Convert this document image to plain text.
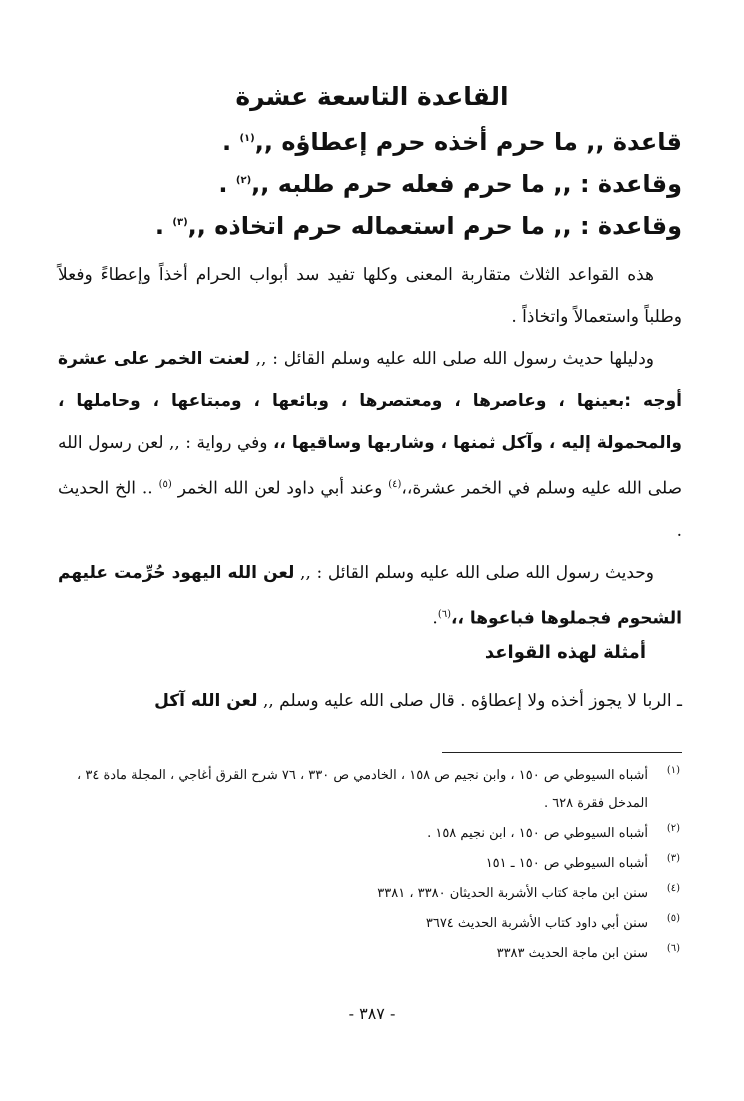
القاعدة التاسعة عشرة
قاعدة ,, ما حرم أخذه حرم إعطاؤه ,,$^{(١)}$ .
وقاعدة : ,, ما حرم فعله حرم طلبه ,,$^{(٢)}$ .
وقاعدة : ,, ما حرم استعماله حرم اتخاذه ,,$^{(٣)}$ .
هذه القواعد الثلاث متقاربة المعنى وكلها تفيد سد أبواب الحرام أخذاً وإعطاءً وفعلاً وطلباً واستعمالاً واتخاذاً .
ودليلها حديث رسول الله صلى الله عليه وسلم القائل : ,, لعنت الخمر على عشرة أوجه :بعينها ، وعاصرها ، ومعتصرها ، وبائعها ، ومبتاعها ، وحاملها ، والمحمولة إليه ، وآكل ثمنها ، وشاربها وساقيها ،، وفي رواية : ,, لعن رسول الله صلى الله عليه وسلم في الخمر عشرة،،$^{(٤)}$ وعند أبي داود لعن الله الخمر $^{(٥)}$ .. الخ الحديث .
وحديث رسول الله صلى الله عليه وسلم القائل : ,, لعن الله اليهود حُرِّمت عليهم الشحوم فجملوها فباعوها ،،$^{(٦)}$.
أمثلة لهذه القواعد
ـ الربا لا يجوز أخذه ولا إعطاؤه . قال صلى الله عليه وسلم ,, لعن الله آكل
(١)
أشباه السيوطي ص ١٥٠ ، وابن نجيم ص ١٥٨ ، الخادمي ص ٣٣٠ ، ٧٦ شرح القرق أغاجي ، المجلة مادة ٣٤ ، المدخل فقرة ٦٢٨ .
(٢)
أشباه السيوطي ص ١٥٠ ، ابن نجيم ١٥٨ .
(٣)
أشباه السيوطي ص ١٥٠ ـ ١٥١
(٤)
سنن ابن ماجة كتاب الأشربة الحديثان ٣٣٨٠ ، ٣٣٨١
(٥)
سنن أبي داود كتاب الأشربة الحديث ٣٦٧٤
(٦)
سنن ابن ماجة الحديث ٣٣٨٣
- ٣٨٧ -
